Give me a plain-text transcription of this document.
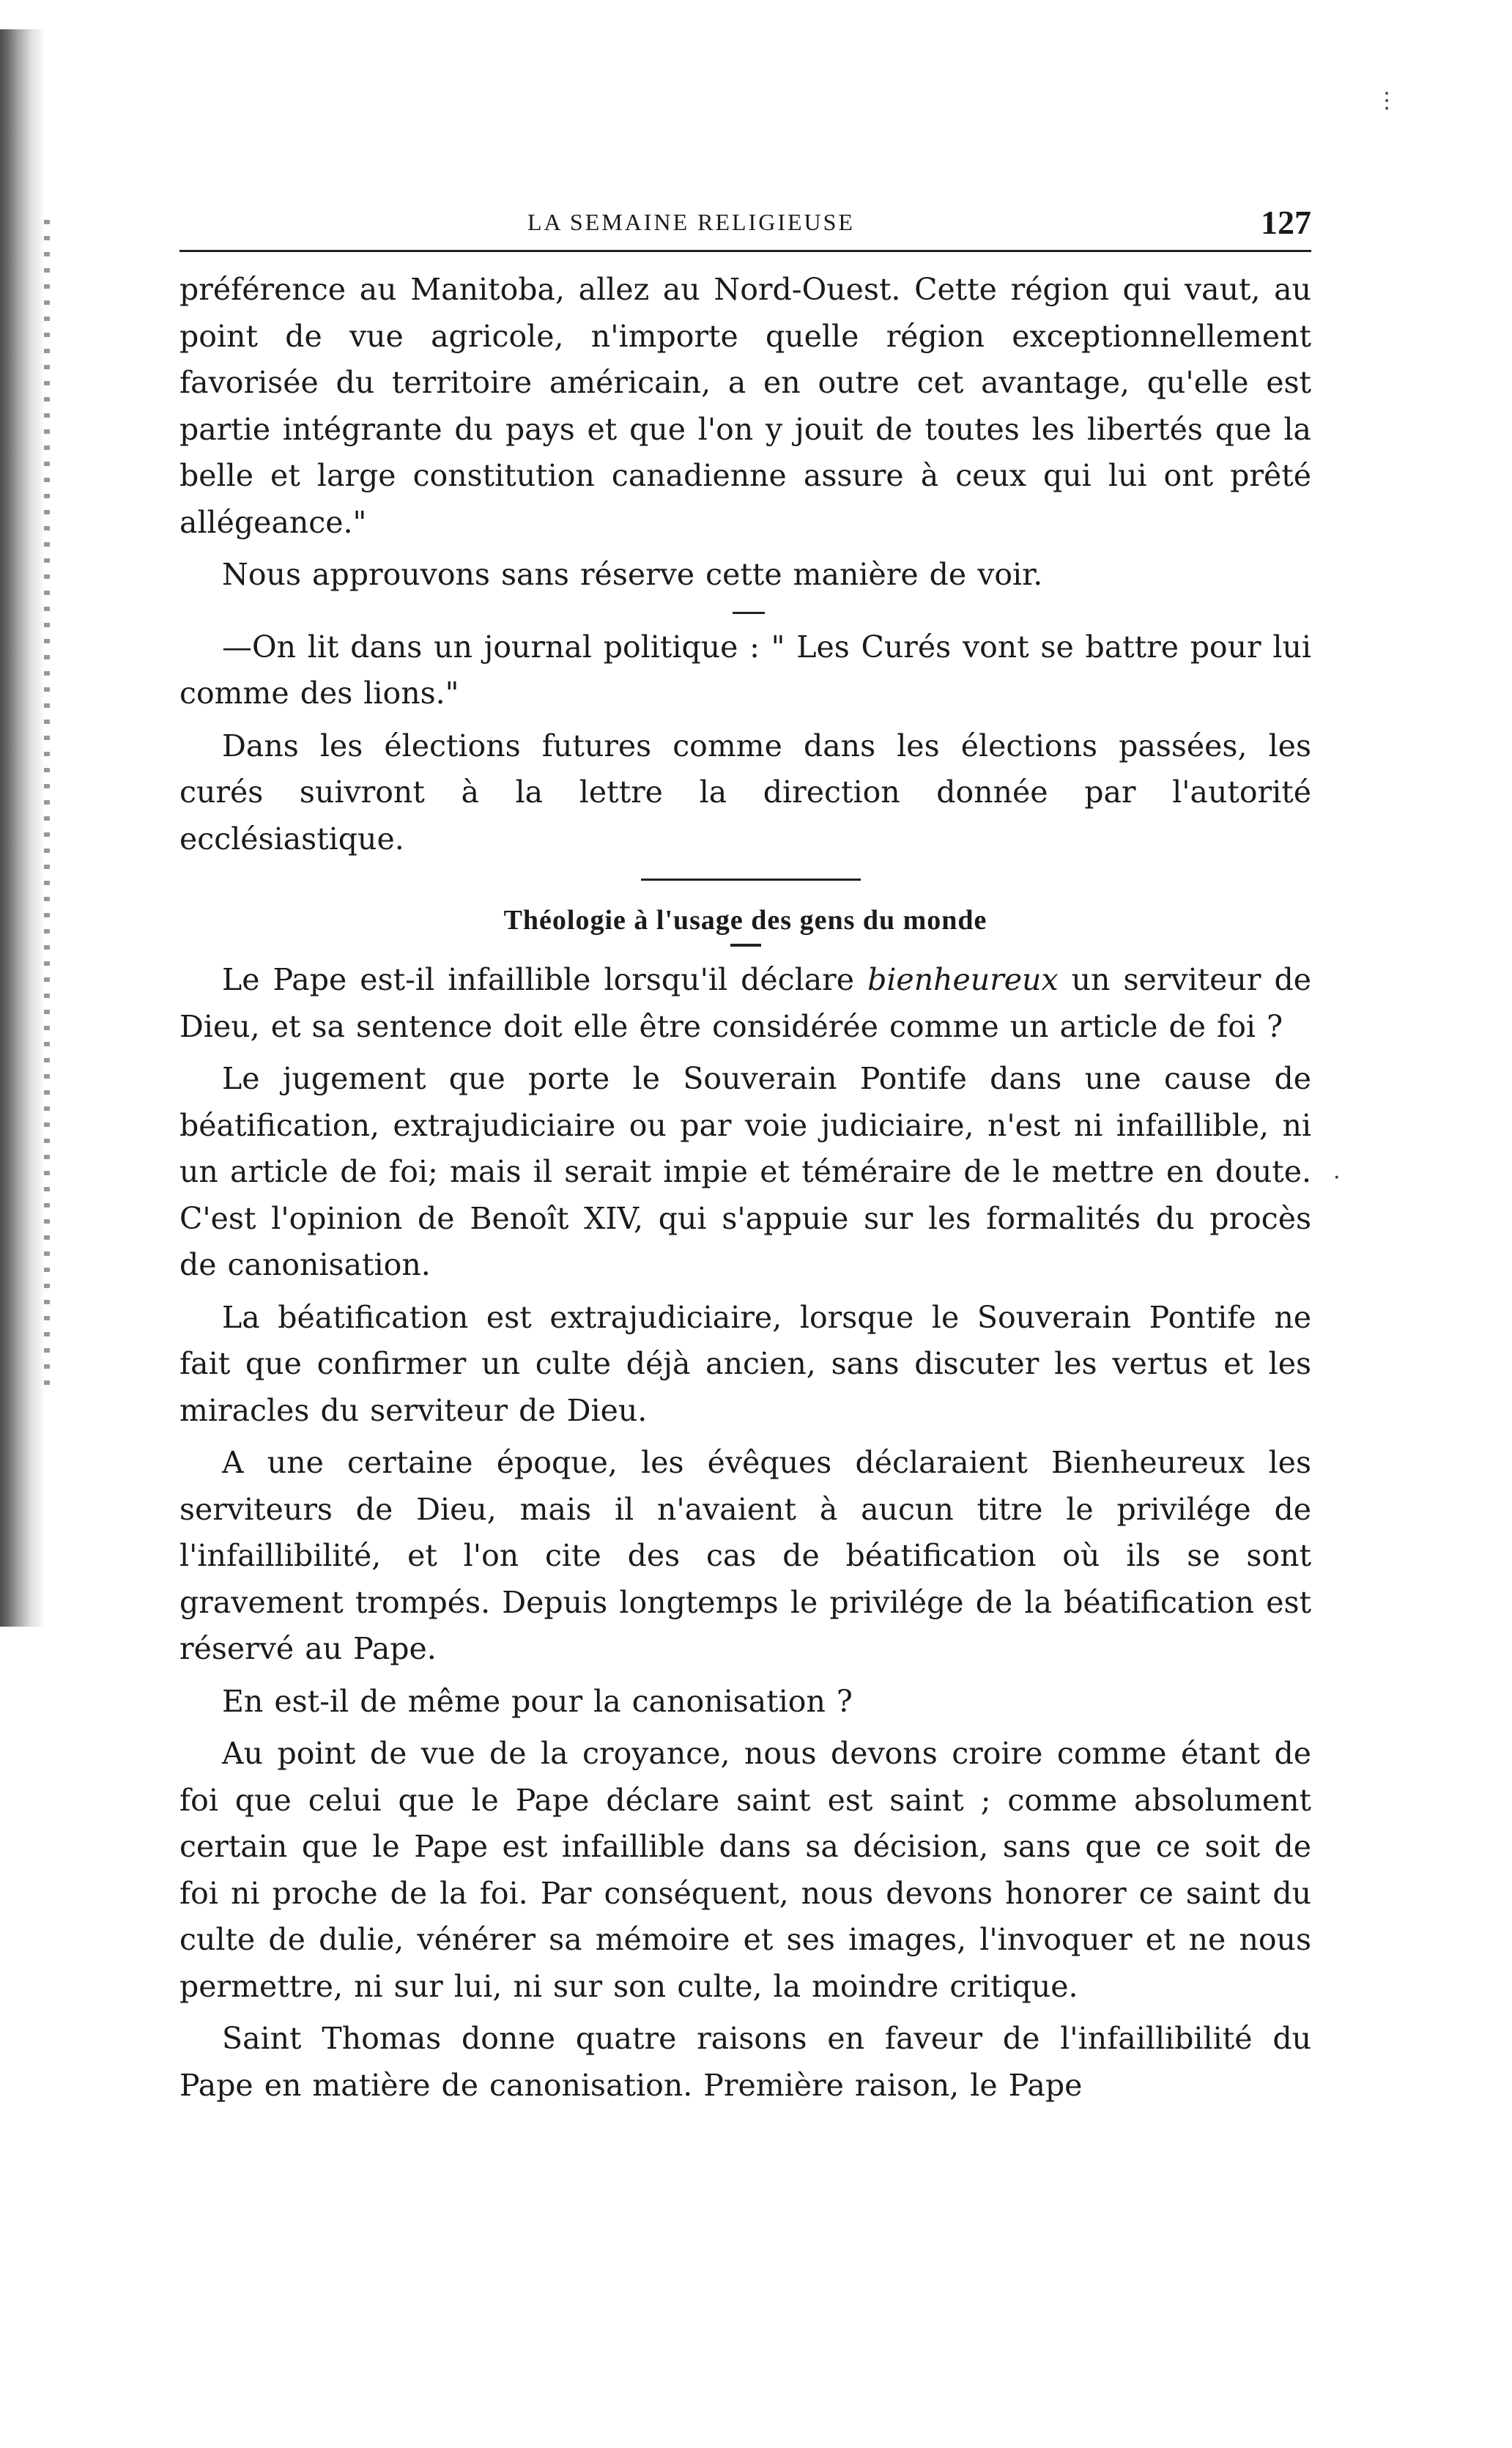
LA SEMAINE RELIGIEUSE	127

préférence au Manitoba, allez au Nord-Ouest. Cette région qui vaut, au point de vue agricole, n'importe quelle région exceptionnellement favorisée du territoire américain, a en outre cet avantage, qu'elle est partie intégrante du pays et que l'on y jouit de toutes les libertés que la belle et large constitution canadienne assure à ceux qui lui ont prêté allégeance."

Nous approuvons sans réserve cette manière de voir.

—On lit dans un journal politique : " Les Curés vont se battre pour lui comme des lions."

Dans les élections futures comme dans les élections passées, les curés suivront à la lettre la direction donnée par l'autorité ecclésiastique.

Théologie à l'usage des gens du monde

Le Pape est-il infaillible lorsqu'il déclare bienheureux un serviteur de Dieu, et sa sentence doit elle être considérée comme un article de foi ?

Le jugement que porte le Souverain Pontife dans une cause de béatification, extrajudiciaire ou par voie judiciaire, n'est ni infaillible, ni un article de foi; mais il serait impie et téméraire de le mettre en doute. C'est l'opinion de Benoît XIV, qui s'appuie sur les formalités du procès de canonisation.

La béatification est extrajudiciaire, lorsque le Souverain Pontife ne fait que confirmer un culte déjà ancien, sans discuter les vertus et les miracles du serviteur de Dieu.

A une certaine époque, les évêques déclaraient Bienheureux les serviteurs de Dieu, mais il n'avaient à aucun titre le privilége de l'infaillibilité, et l'on cite des cas de béatification où ils se sont gravement trompés. Depuis longtemps le privilége de la béatification est réservé au Pape.

En est-il de même pour la canonisation ?

Au point de vue de la croyance, nous devons croire comme étant de foi que celui que le Pape déclare saint est saint ; comme absolument certain que le Pape est infaillible dans sa décision, sans que ce soit de foi ni proche de la foi. Par conséquent, nous devons honorer ce saint du culte de dulie, vénérer sa mémoire et ses images, l'invoquer et ne nous permettre, ni sur lui, ni sur son culte, la moindre critique.

Saint Thomas donne quatre raisons en faveur de l'infaillibilité du Pape en matière de canonisation. Première raison, le Pape

⋮
·
